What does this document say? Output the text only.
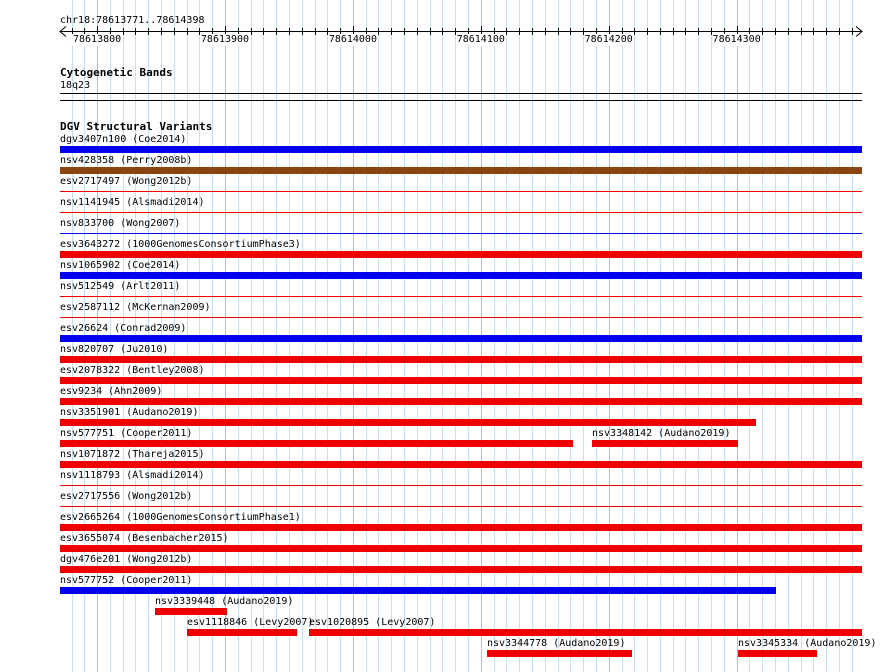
chr18:78613771..78614398
78613800	78613900	78614000	78614100	78614200	78614300
Cytogenetic Bands
18q23
DGV Structural Variants
dgv3407n100 (Coe2014)
nsv428358 (Perry2008b)
esv2717497 (Wong2012b)
nsv1141945 (Alsmadi2014)
nsv833700 (Wong2007)
esv3643272 (1000GenomesConsortiumPhase3)
nsv1065902 (Coe2014)
nsv512549 (Arlt2011)
esv2587112 (McKernan2009)
esv26624 (Conrad2009)
nsv820707 (Ju2010)
esv2078322 (Bentley2008)
esv9234 (Ahn2009)
nsv3351901 (Audano2019)
nsv577751 (Cooper2011)	nsv3348142 (Audano2019)
nsv1071872 (Thareja2015)
nsv1118793 (Alsmadi2014)
esv2717556 (Wong2012b)
esv2665264 (1000GenomesConsortiumPhase1)
esv3655074 (Besenbacher2015)
dgv476e201 (Wong2012b)
nsv577752 (Cooper2011)
nsv3339448 (Audano2019)
esv1020895 (Levy2007)
esv1118846 (Levy2007)
nsv3344778 (Audano2019)	nsv3345334 (Audano2019)
